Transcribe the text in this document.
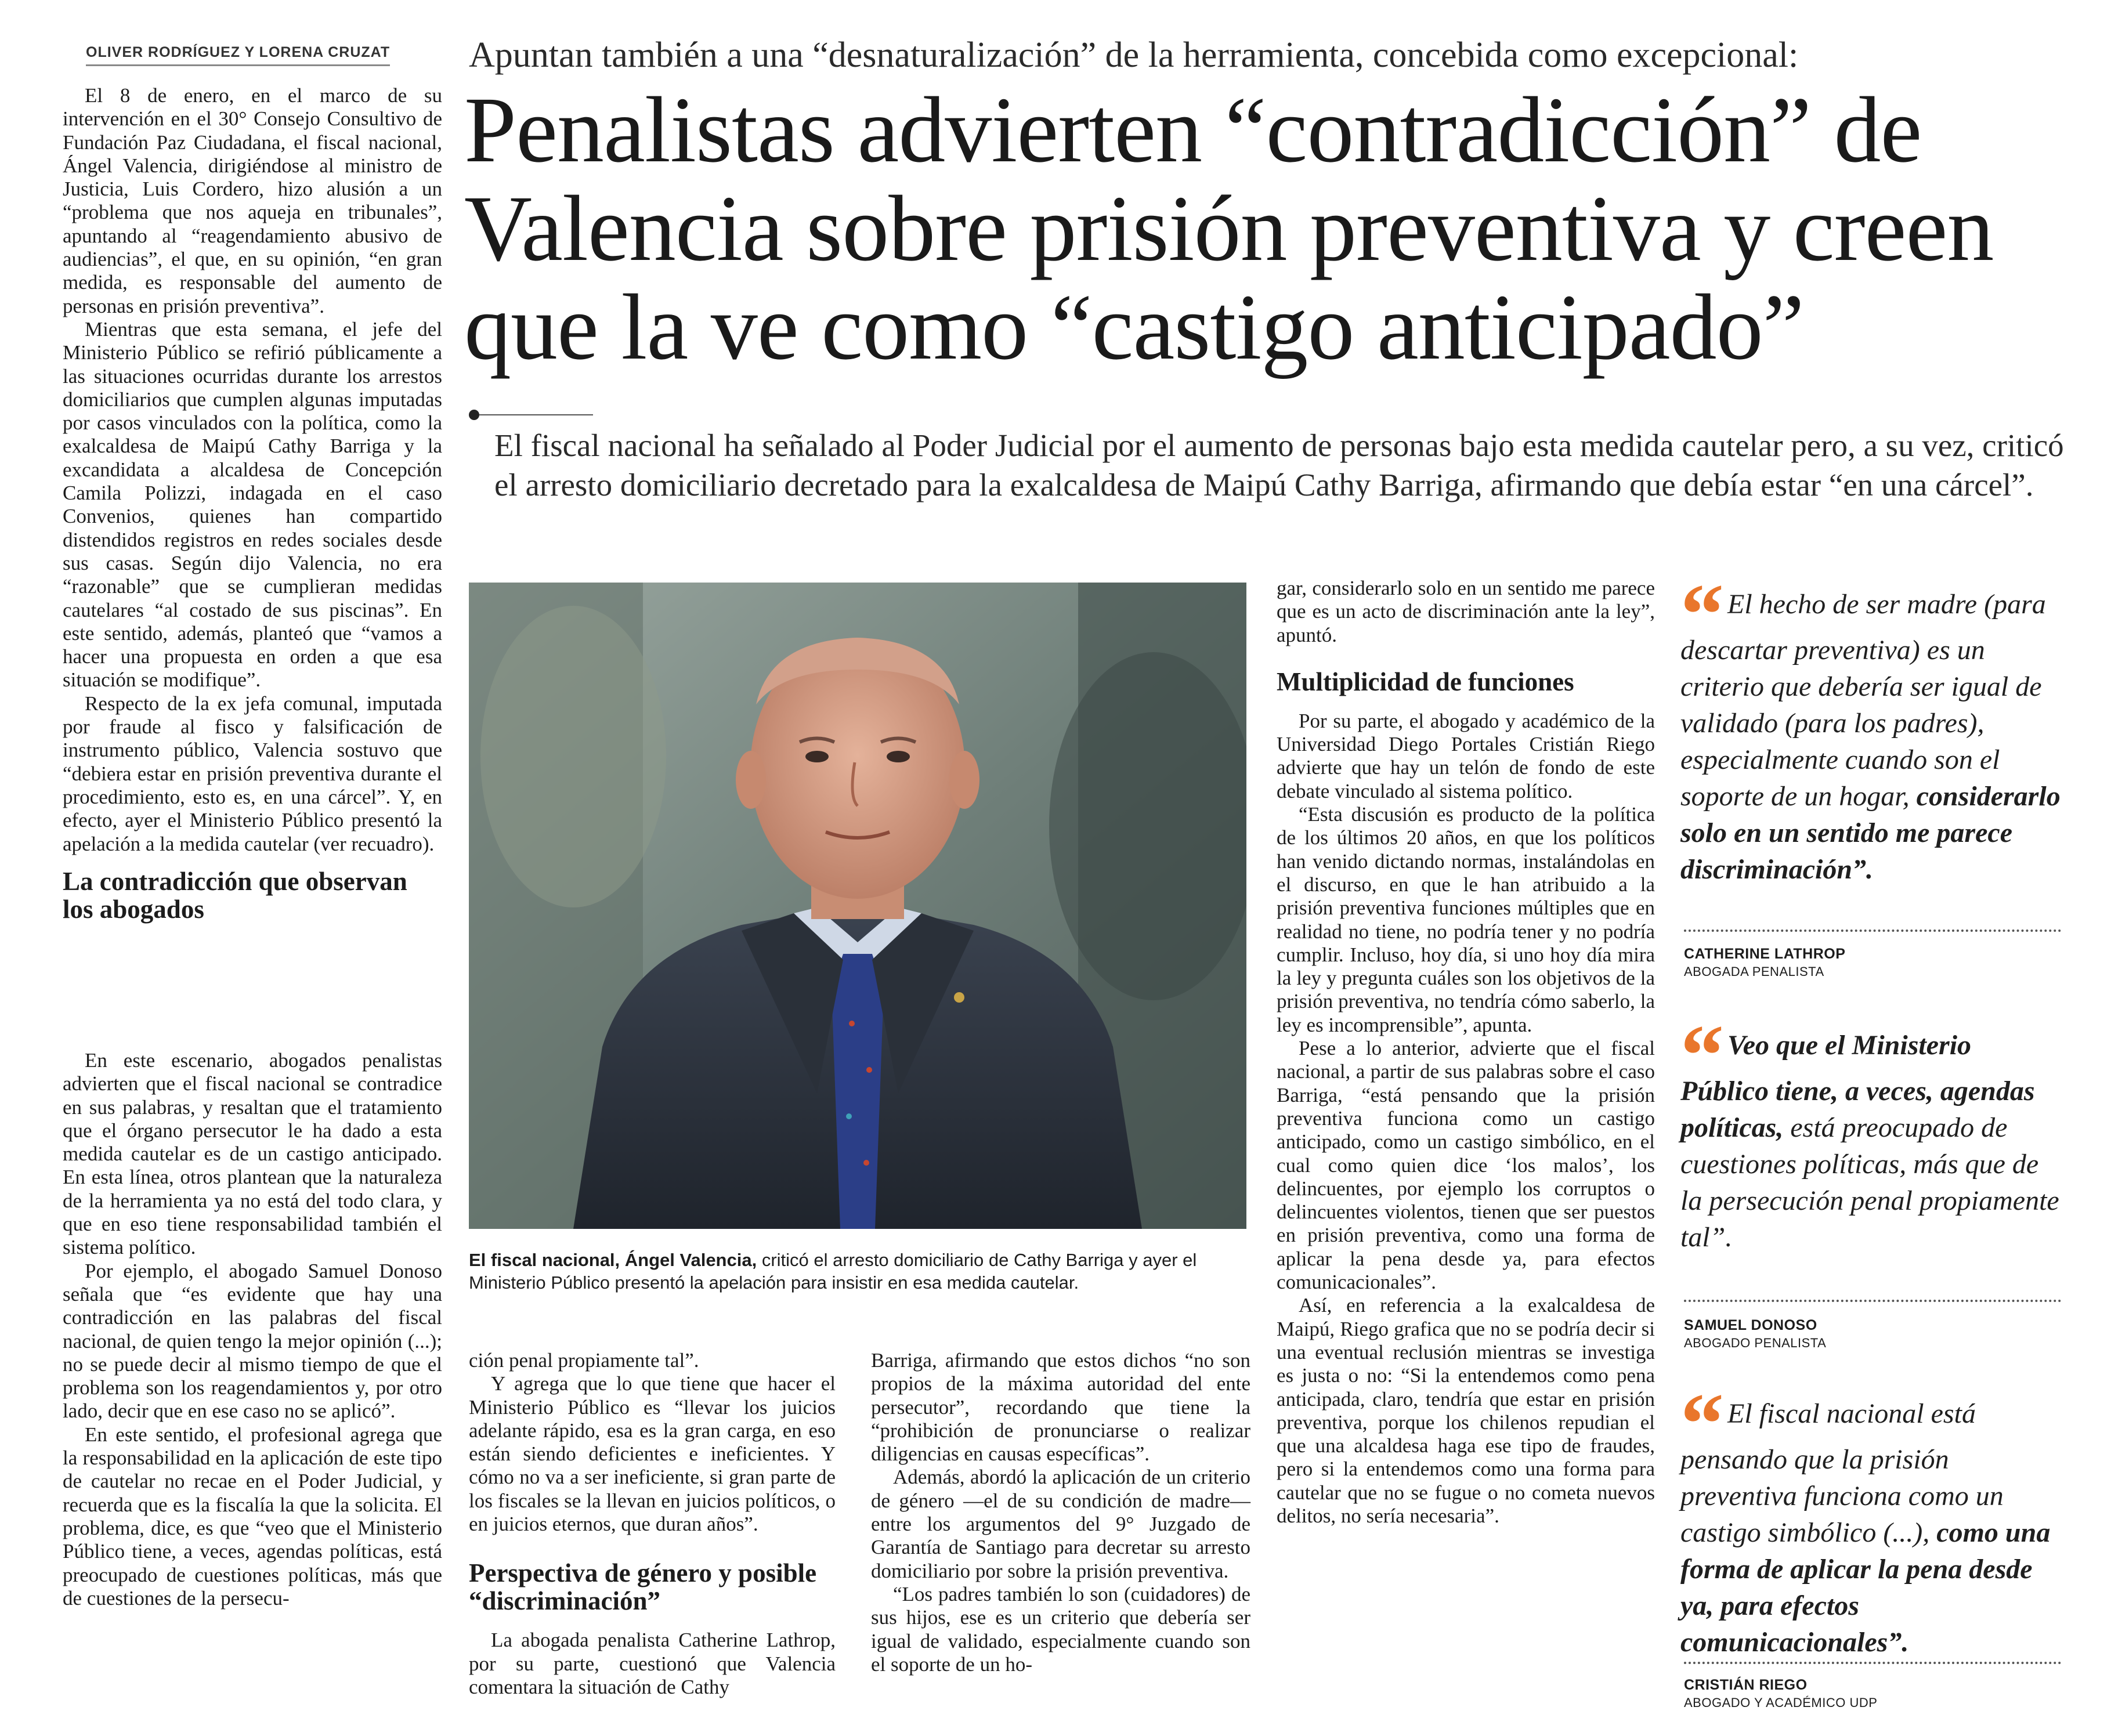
OLIVER RODRÍGUEZ Y LORENA CRUZAT Apuntan también a una “desnaturalización” de la herramienta, concebida como excepcional:
Penalistas advierten “contradicción” de Valencia sobre prisión preventiva y creen que la ve como “castigo anticipado”
El fiscal nacional ha señalado al Poder Judicial por el aumento de personas bajo esta medida cautelar pero, a su vez, criticó el arresto domiciliario decretado para la exalcaldesa de Maipú Cathy Barriga, afirmando que debía estar “en una cárcel”.

El 8 de enero, en el marco de su intervención en el 30° Consejo Consultivo de Fundación Paz Ciudadana, el fiscal nacional, Ángel Valencia, dirigiéndose al ministro de Justicia, Luis Cordero, hizo alusión a un “problema que nos aqueja en tribunales”, apuntando al “reagendamiento abusivo de audiencias”, el que, en su opinión, “en gran medida, es responsable del aumento de personas en prisión preventiva”.

Mientras que esta semana, el jefe del Ministerio Público se refirió públicamente a las situaciones ocurridas durante los arrestos domiciliarios que cumplen algunas imputadas por casos vinculados con la política, como la exalcaldesa de Maipú Cathy Barriga y la excandidata a alcaldesa de Concepción Camila Polizzi, indagada en el caso Convenios, quienes han compartido distendidos registros en redes sociales desde sus casas. Según dijo Valencia, no era “razonable” que se cumplieran medidas cautelares “al costado de sus piscinas”. En este sentido, además, planteó que “vamos a hacer una propuesta en orden a que esa situación se modifique”.

Respecto de la ex jefa comunal, imputada por fraude al fisco y falsificación de instrumento público, Valencia sostuvo que “debiera estar en prisión preventiva durante el procedimiento, esto es, en una cárcel”. Y, en efecto, ayer el Ministerio Público presentó la apelación a la medida cautelar (ver recuadro).

La contradicción que observan los abogados

En este escenario, abogados penalistas advierten que el fiscal nacional se contradice en sus palabras, y resaltan que el tratamiento que el órgano persecutor le ha dado a esta medida cautelar es de un castigo anticipado. En esta línea, otros plantean que la naturaleza de la herramienta ya no está del todo clara, y que en eso tiene responsabilidad también el sistema político.

Por ejemplo, el abogado Samuel Donoso señala que “es evidente que hay una contradicción en las palabras del fiscal nacional, de quien tengo la mejor opinión (...); no se puede decir al mismo tiempo de que el problema son los reagendamientos y, por otro lado, decir que en ese caso no se aplicó”.

En este sentido, el profesional agrega que la responsabilidad en la aplicación de este tipo de cautelar no recae en el Poder Judicial, y recuerda que es la fiscalía la que la solicita. El problema, dice, es que “veo que el Ministerio Público tiene, a veces, agendas políticas, está preocupado de cuestiones políticas, más que de cuestiones de la persecu-

El fiscal nacional, Ángel Valencia, criticó el arresto domiciliario de Cathy Barriga y ayer el Ministerio Público presentó la apelación para insistir en esa medida cautelar.

ción penal propiamente tal”.

Y agrega que lo que tiene que hacer el Ministerio Público es “llevar los juicios adelante rápido, esa es la gran carga, en eso están siendo deficientes e ineficientes. Y cómo no va a ser ineficiente, si gran parte de los fiscales se la llevan en juicios políticos, o en juicios eternos, que duran años”.

Perspectiva de género y posible “discriminación”

La abogada penalista Catherine Lathrop, por su parte, cuestionó que Valencia comentara la situación de Cathy

Barriga, afirmando que estos dichos “no son propios de la máxima autoridad del ente persecutor”, recordando que tiene la “prohibición de pronunciarse o realizar diligencias en causas específicas”.

Además, abordó la aplicación de un criterio de género —el de su condición de madre— entre los argumentos del 9° Juzgado de Garantía de Santiago para decretar su arresto domiciliario por sobre la prisión preventiva.

“Los padres también lo son (cuidadores) de sus hijos, ese es un criterio que debería ser igual de validado, especialmente cuando son el soporte de un ho-

gar, considerarlo solo en un sentido me parece que es un acto de discriminación ante la ley”, apuntó.

Multiplicidad de funciones

Por su parte, el abogado y académico de la Universidad Diego Portales Cristián Riego advierte que hay un telón de fondo de este debate vinculado al sistema político.

“Esta discusión es producto de la política de los últimos 20 años, en que los políticos han venido dictando normas, instalándolas en el discurso, en que le han atribuido a la prisión preventiva funciones múltiples que en realidad no tiene, no podría tener y no podría cumplir. Incluso, hoy día, si uno hoy día mira la ley y pregunta cuáles son los objetivos de la prisión preventiva, no tendría cómo saberlo, la ley es incomprensible”, apunta.

Pese a lo anterior, advierte que el fiscal nacional, a partir de sus palabras sobre el caso Barriga, “está pensando que la prisión preventiva funciona como un castigo anticipado, como un castigo simbólico, en el cual como quien dice ‘los malos’, los delincuentes, por ejemplo los corruptos o delincuentes violentos, tienen que ser puestos en prisión preventiva, como una forma de aplicar la pena desde ya, para efectos comunicacionales”.

Así, en referencia a la exalcaldesa de Maipú, Riego grafica que no se podría decir si una eventual reclusión mientras se investiga es justa o no: “Si la entendemos como pena anticipada, claro, tendría que estar en prisión preventiva, porque los chilenos repudian el que una alcaldesa haga ese tipo de fraudes, pero si la entendemos como una forma para cautelar que no se fugue o no cometa nuevos delitos, no sería necesaria”.

“ El hecho de ser madre (para descartar preventiva) es un criterio que debería ser igual de validado (para los padres), especialmente cuando son el soporte de un hogar, considerarlo solo en un sentido me parece discriminación”.
CATHERINE LATHROP
ABOGADA PENALISTA
“ Veo que el Ministerio Público tiene, a veces, agendas políticas, está preocupado de cuestiones políticas, más que de la persecución penal propiamente tal”.
SAMUEL DONOSO
ABOGADO PENALISTA
“ El fiscal nacional está pensando que la prisión preventiva funciona como un castigo simbólico (...), como una forma de aplicar la pena desde ya, para efectos comunicacionales”.
CRISTIÁN RIEGO
ABOGADO Y ACADÉMICO UDP
